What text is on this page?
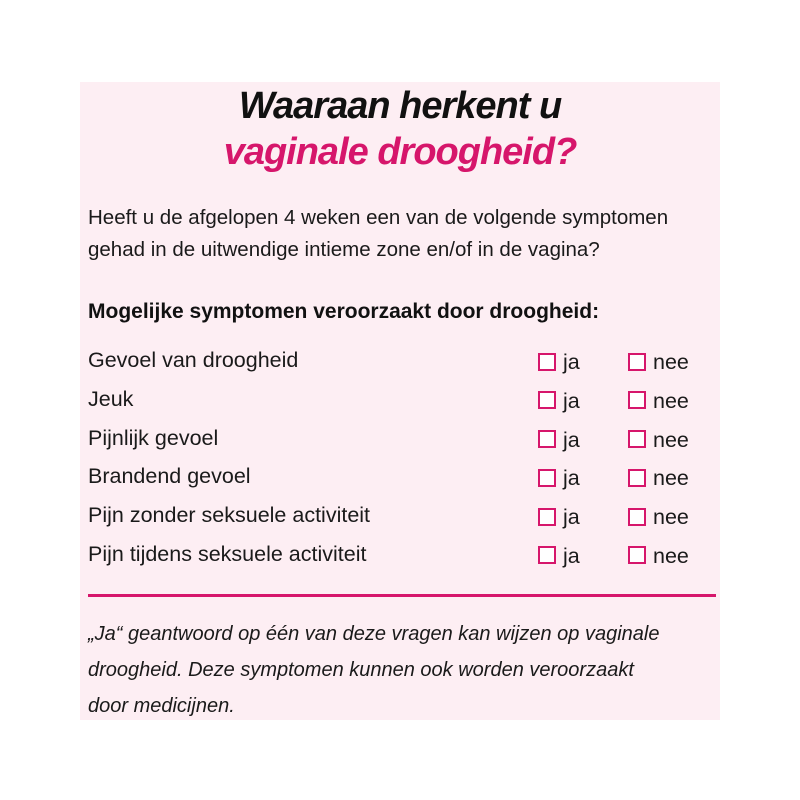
Waaraan herkent u
vaginale droogheid?
Heeft u de afgelopen 4 weken een van de volgende symptomen
gehad in de uitwendige intieme zone en/of in de vagina?
Mogelijke symptomen veroorzaakt door droogheid:
Gevoel van droogheid	ja	nee
Jeuk	ja	nee
Pijnlijk gevoel	ja	nee
Brandend gevoel	ja	nee
Pijn zonder seksuele activiteit	ja	nee
Pijn tijdens seksuele activiteit	ja	nee
„Ja“ geantwoord op één van deze vragen kan wijzen op vaginale
droogheid. Deze symptomen kunnen ook worden veroorzaakt
door medicijnen.
